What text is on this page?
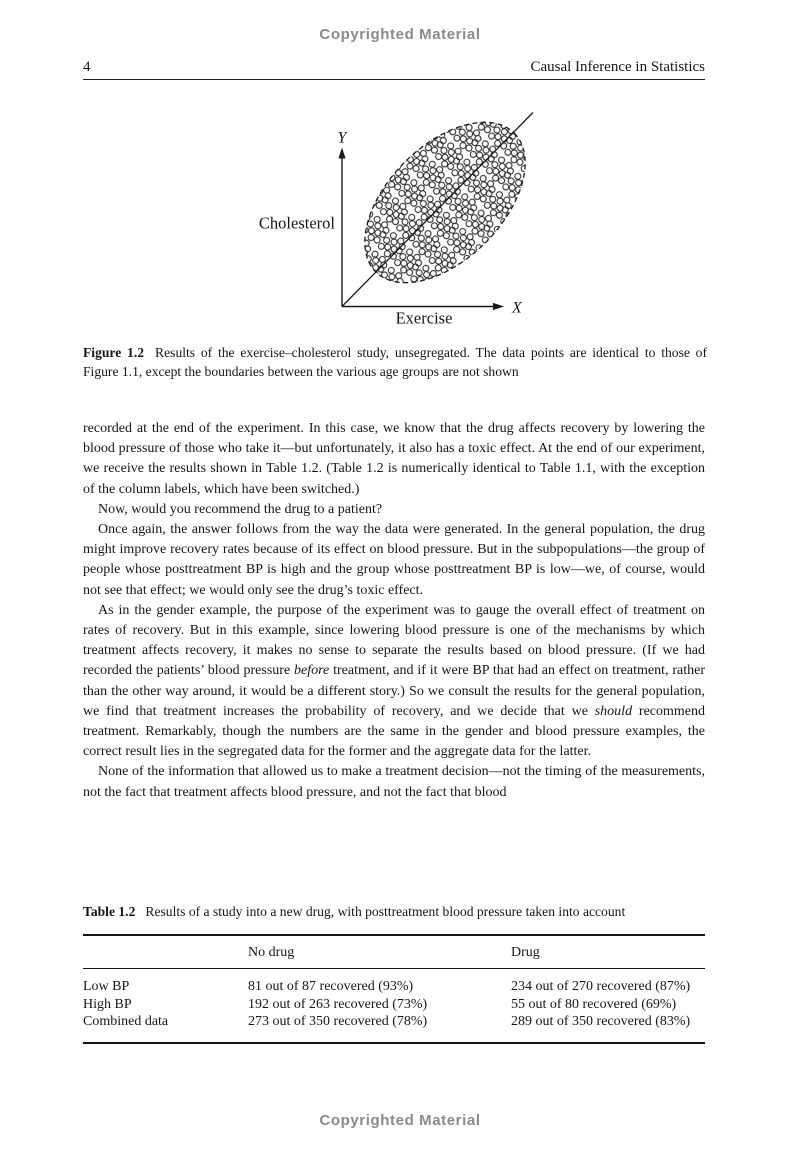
Copyrighted Material
4	Causal Inference in Statistics
Y
X
Cholesterol
Exercise
Figure 1.2 Results of the exercise–cholesterol study, unsegregated. The data points are identical to those of Figure 1.1, except the boundaries between the various age groups are not shown

recorded at the end of the experiment. In this case, we know that the drug affects recovery by lowering the blood pressure of those who take it—but unfortunately, it also has a toxic effect. At the end of our experiment, we receive the results shown in Table 1.2. (Table 1.2 is numerically identical to Table 1.1, with the exception of the column labels, which have been switched.)

Now, would you recommend the drug to a patient?

Once again, the answer follows from the way the data were generated. In the general population, the drug might improve recovery rates because of its effect on blood pressure. But in the subpopulations—the group of people whose posttreatment BP is high and the group whose posttreatment BP is low—we, of course, would not see that effect; we would only see the drug’s toxic effect.

As in the gender example, the purpose of the experiment was to gauge the overall effect of treatment on rates of recovery. But in this example, since lowering blood pressure is one of the mechanisms by which treatment affects recovery, it makes no sense to separate the results based on blood pressure. (If we had recorded the patients’ blood pressure before treatment, and if it were BP that had an effect on treatment, rather than the other way around, it would be a different story.) So we consult the results for the general population, we find that treatment increases the probability of recovery, and we decide that we should recommend treatment. Remarkably, though the numbers are the same in the gender and blood pressure examples, the correct result lies in the segregated data for the former and the aggregate data for the latter.

None of the information that allowed us to make a treatment decision—not the timing of the measurements, not the fact that treatment affects blood pressure, and not the fact that blood

Table 1.2 Results of a study into a new drug, with posttreatment blood pressure taken into account
	No drug	Drug
Low BP	81 out of 87 recovered (93%)	234 out of 270 recovered (87%)
High BP	192 out of 263 recovered (73%)	55 out of 80 recovered (69%)
Combined data	273 out of 350 recovered (78%)	289 out of 350 recovered (83%)
Copyrighted Material
